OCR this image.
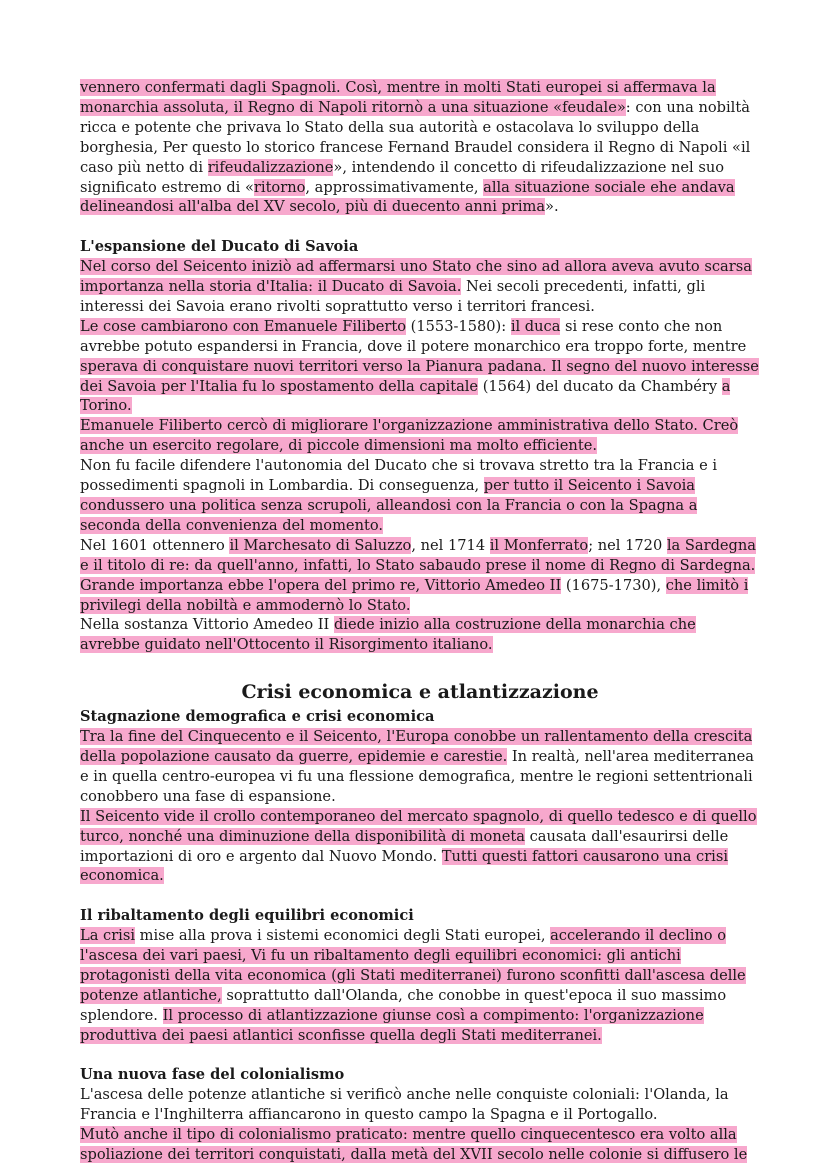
vennero confermati dagli Spagnoli. Così, mentre in molti Stati europei si affermava la monarchia assoluta, il Regno di Napoli ritornò a una situazione «feudale»: con una nobiltà ricca e potente che privava lo Stato della sua autorità e ostacolava lo sviluppo della borghesia, Per questo lo storico francese Fernand Braudel considera il Regno di Napoli «il caso più netto di rifeudalizzazione», intendendo il concetto di rifeudalizzazione nel suo significato estremo di «ritorno, approssimativamente, alla situazione sociale ehe andava delineandosi all'alba del XV secolo, più di duecento anni prima».

L'espansione del Ducato di Savoia

Nel corso del Seicento iniziò ad affermarsi uno Stato che sino ad allora aveva avuto scarsa importanza nella storia d'Italia: il Ducato di Savoia. Nei secoli precedenti, infatti, gli interessi dei Savoia erano rivolti soprattutto verso i territori francesi.

Le cose cambiarono con Emanuele Filiberto (1553-1580): il duca si rese conto che non avrebbe potuto espandersi in Francia, dove il potere monarchico era troppo forte, mentre sperava di conquistare nuovi territori verso la Pianura padana. Il segno del nuovo interesse dei Savoia per l'Italia fu lo spostamento della capitale (1564) del ducato da Chambéry a Torino.

Emanuele Filiberto cercò di migliorare l'organizzazione amministrativa dello Stato. Creò anche un esercito regolare, di piccole dimensioni ma molto efficiente.

Non fu facile difendere l'autonomia del Ducato che si trovava stretto tra la Francia e i possedimenti spagnoli in Lombardia. Di conseguenza, per tutto il Seicento i Savoia condussero una politica senza scrupoli, alleandosi con la Francia o con la Spagna a seconda della convenienza del momento.

Nel 1601 ottennero il Marchesato di Saluzzo, nel 1714 il Monferrato; nel 1720 la Sardegna e il titolo di re: da quell'anno, infatti, lo Stato sabaudo prese il nome di Regno di Sardegna. Grande importanza ebbe l'opera del primo re, Vittorio Amedeo II (1675-1730), che limitò i privilegi della nobiltà e ammodernò lo Stato.

Nella sostanza Vittorio Amedeo II diede inizio alla costruzione della monarchia che avrebbe guidato nell'Ottocento il Risorgimento italiano.

Crisi economica e atlantizzazione
Stagnazione demografica e crisi economica

Tra la fine del Cinquecento e il Seicento, l'Europa conobbe un rallentamento della crescita della popolazione causato da guerre, epidemie e carestie. In realtà, nell'area mediterranea e in quella centro-europea vi fu una flessione demografica, mentre le regioni settentrionali conobbero una fase di espansione.

Il Seicento vide il crollo contemporaneo del mercato spagnolo, di quello tedesco e di quello turco, nonché una diminuzione della disponibilità di moneta causata dall'esaurirsi delle importazioni di oro e argento dal Nuovo Mondo. Tutti questi fattori causarono una crisi economica.

Il ribaltamento degli equilibri economici

La crisi mise alla prova i sistemi economici degli Stati europei, accelerando il declino o l'ascesa dei vari paesi, Vi fu un ribaltamento degli equilibri economici: gli antichi protagonisti della vita economica (gli Stati mediterranei) furono sconfitti dall'ascesa delle potenze atlantiche, soprattutto dall'Olanda, che conobbe in quest'epoca il suo massimo splendore. Il processo di atlantizzazione giunse così a compimento: l'organizzazione produttiva dei paesi atlantici sconfisse quella degli Stati mediterranei.

Una nuova fase del colonialismo

L'ascesa delle potenze atlantiche si verificò anche nelle conquiste coloniali: l'Olanda, la Francia e l'Inghilterra affiancarono in questo campo la Spagna e il Portogallo.

Mutò anche il tipo di colonialismo praticato: mentre quello cinquecentesco era volto alla spoliazione dei territori conquistati, dalla metà del XVII secolo nelle colonie si diffusero le
